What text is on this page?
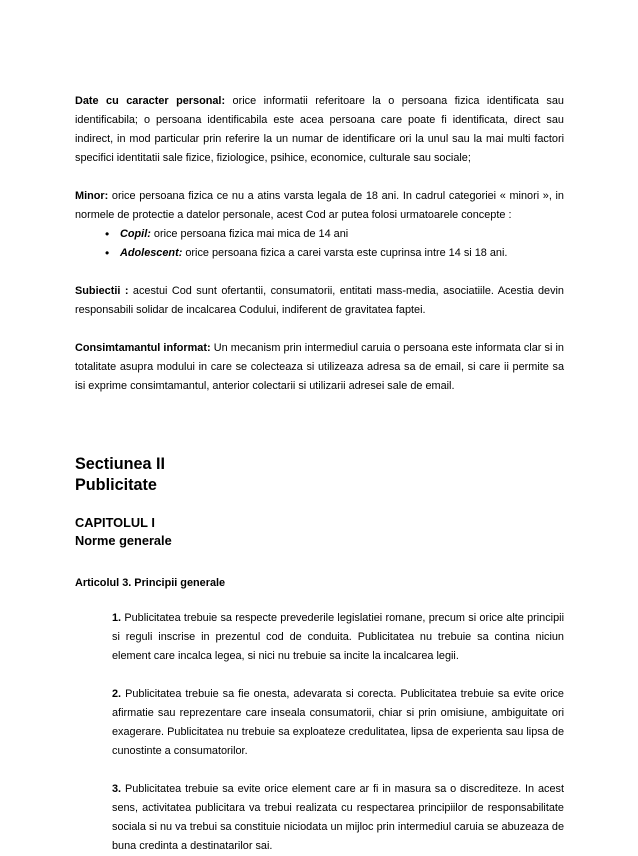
Date cu caracter personal: orice informatii referitoare la o persoana fizica identificata sau identificabila; o persoana identificabila este acea persoana care poate fi identificata, direct sau indirect, in mod particular prin referire la un numar de identificare ori la unul sau la mai multi factori specifici identitatii sale fizice, fiziologice, psihice, economice, culturale sau sociale;

Minor: orice persoana fizica ce nu a atins varsta legala de 18 ani. In cadrul categoriei « minori », in normele de protectie a datelor personale, acest Cod ar putea folosi urmatoarele concepte :

• Copil: orice persoana fizica mai mica de 14 ani
• Adolescent: orice persoana fizica a carei varsta este cuprinsa intre 14 si 18 ani.

Subiectii : acestui Cod sunt ofertantii, consumatorii, entitati mass-media, asociatiile. Acestia devin responsabili solidar de incalcarea Codului, indiferent de gravitatea faptei.

Consimtamantul informat: Un mecanism prin intermediul caruia o persoana este informata clar si in totalitate asupra modului in care se colecteaza si utilizeaza adresa sa de email, si care ii permite sa isi exprime consimtamantul, anterior colectarii si utilizarii adresei sale de email.

Sectiunea II

Publicitate

CAPITOLUL I

Norme generale

Articolul 3. Principii generale

1. Publicitatea trebuie sa respecte prevederile legislatiei romane, precum si orice alte principii si reguli inscrise in prezentul cod de conduita. Publicitatea nu trebuie sa contina niciun element care incalca legea, si nici nu trebuie sa incite la incalcarea legii.

2. Publicitatea trebuie sa fie onesta, adevarata si corecta. Publicitatea trebuie sa evite orice afirmatie sau reprezentare care inseala consumatorii, chiar si prin omisiune, ambiguitate ori exagerare. Publicitatea nu trebuie sa exploateze credulitatea, lipsa de experienta sau lipsa de cunostinte a consumatorilor.

3. Publicitatea trebuie sa evite orice element care ar fi in masura sa o discrediteze. In acest sens, activitatea publicitara va trebui realizata cu respectarea principiilor de responsabilitate sociala si nu va trebui sa constituie niciodata un mijloc prin intermediul caruia se abuzeaza de buna credinta a destinatarilor sai.
